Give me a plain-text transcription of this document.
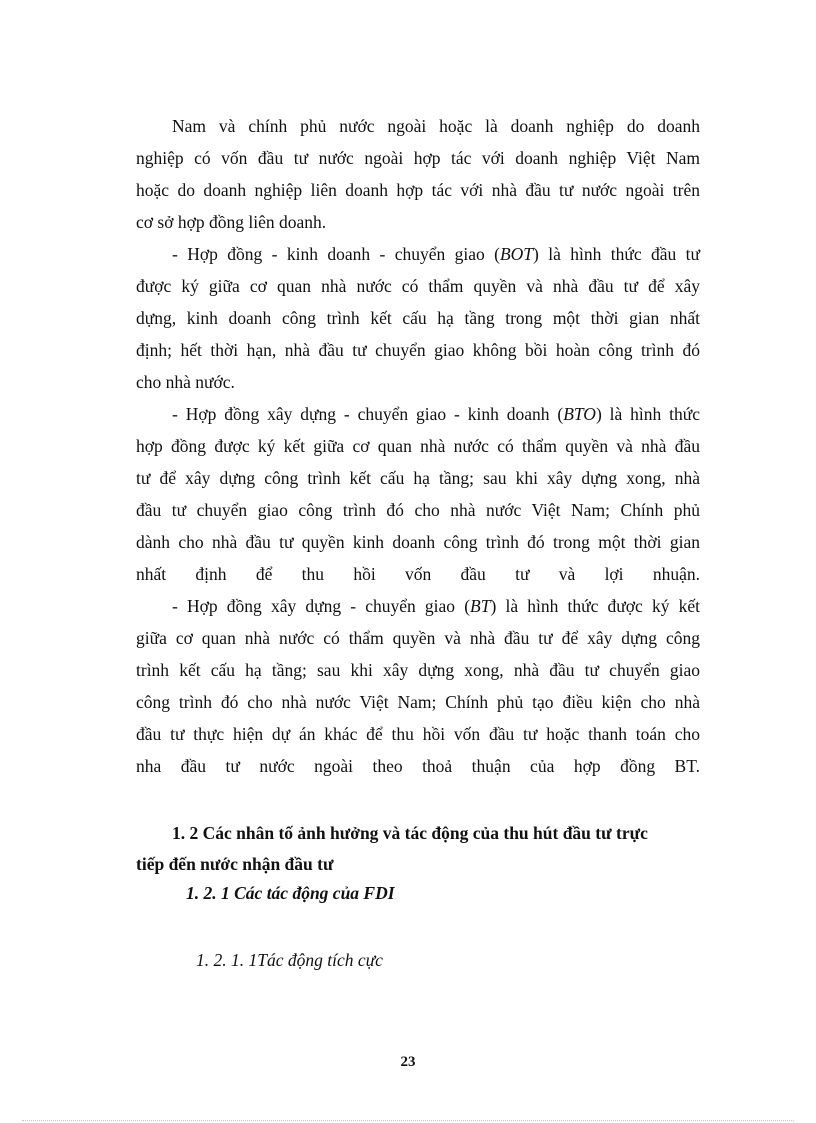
Nam và chính phủ nước ngoài hoặc là doanh nghiệp do doanh
nghiệp có vốn đầu tư nước ngoài hợp tác với doanh nghiệp Việt Nam
hoặc do doanh nghiệp liên doanh hợp tác với nhà đầu tư nước ngoài trên
cơ sở hợp đồng liên doanh.
- Hợp đồng - kinh doanh - chuyển giao (BOT) là hình thức đầu tư
được ký giữa cơ quan nhà nước có thẩm quyền và nhà đầu tư để xây
dựng, kinh doanh công trình kết cấu hạ tầng trong một thời gian nhất
định; hết thời hạn, nhà đầu tư chuyển giao không bồi hoàn công trình đó
cho nhà nước.
- Hợp đồng xây dựng - chuyển giao - kinh doanh (BTO) là hình thức
hợp đồng được ký kết giữa cơ quan nhà nước có thẩm quyền và nhà đầu
tư để xây dựng công trình kết cấu hạ tầng; sau khi xây dựng xong, nhà
đầu tư chuyển giao công trình đó cho nhà nước Việt Nam; Chính phủ
dành cho nhà đầu tư quyền kinh doanh công trình đó trong một thời gian
nhất định để thu hồi vốn đầu tư và lợi nhuận.
- Hợp đồng xây dựng - chuyển giao (BT) là hình thức được ký kết
giữa cơ quan nhà nước có thẩm quyền và nhà đầu tư để xây dựng công
trình kết cấu hạ tầng; sau khi xây dựng xong, nhà đầu tư chuyển giao
công trình đó cho nhà nước Việt Nam; Chính phủ tạo điều kiện cho nhà
đầu tư thực hiện dự án khác để thu hồi vốn đầu tư hoặc thanh toán cho
nha đầu tư nước ngoài theo thoả thuận của hợp đồng BT.
1. 2 Các nhân tố ảnh hưởng và tác động của thu hút đầu tư trực
tiếp đến nước nhận đầu tư
1. 2. 1 Các tác động của FDI
1. 2. 1. 1Tác động tích cực
23
